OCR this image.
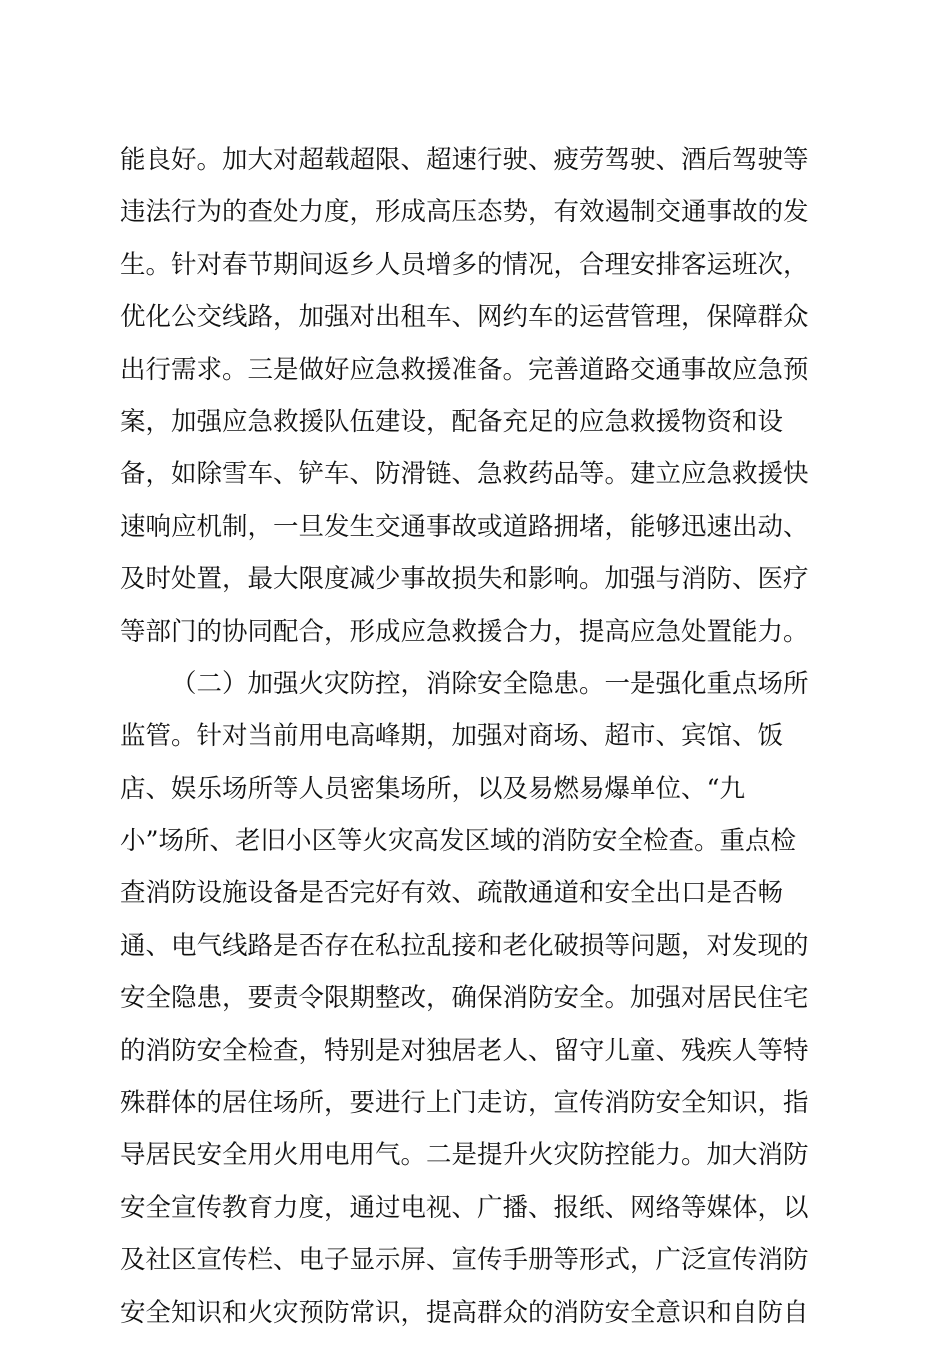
能良好。加大对超载超限、超速行驶、疲劳驾驶、酒后驾驶等
违法行为的查处力度，形成高压态势，有效遏制交通事故的发
生。针对春节期间返乡人员增多的情况，合理安排客运班次，
优化公交线路，加强对出租车、网约车的运营管理，保障群众
出行需求。三是做好应急救援准备。完善道路交通事故应急预
案，加强应急救援队伍建设，配备充足的应急救援物资和设
备，如除雪车、铲车、防滑链、急救药品等。建立应急救援快
速响应机制，一旦发生交通事故或道路拥堵，能够迅速出动、
及时处置，最大限度减少事故损失和影响。加强与消防、医疗
等部门的协同配合，形成应急救援合力，提高应急处置能力。
（二）加强火灾防控，消除安全隐患。一是强化重点场所
监管。针对当前用电高峰期，加强对商场、超市、宾馆、饭
店、娱乐场所等人员密集场所，以及易燃易爆单位、“九
小”场所、老旧小区等火灾高发区域的消防安全检查。重点检
查消防设施设备是否完好有效、疏散通道和安全出口是否畅
通、电气线路是否存在私拉乱接和老化破损等问题，对发现的
安全隐患，要责令限期整改，确保消防安全。加强对居民住宅
的消防安全检查，特别是对独居老人、留守儿童、残疾人等特
殊群体的居住场所，要进行上门走访，宣传消防安全知识，指
导居民安全用火用电用气。二是提升火灾防控能力。加大消防
安全宣传教育力度，通过电视、广播、报纸、网络等媒体，以
及社区宣传栏、电子显示屏、宣传手册等形式，广泛宣传消防
安全知识和火灾预防常识，提高群众的消防安全意识和自防自
